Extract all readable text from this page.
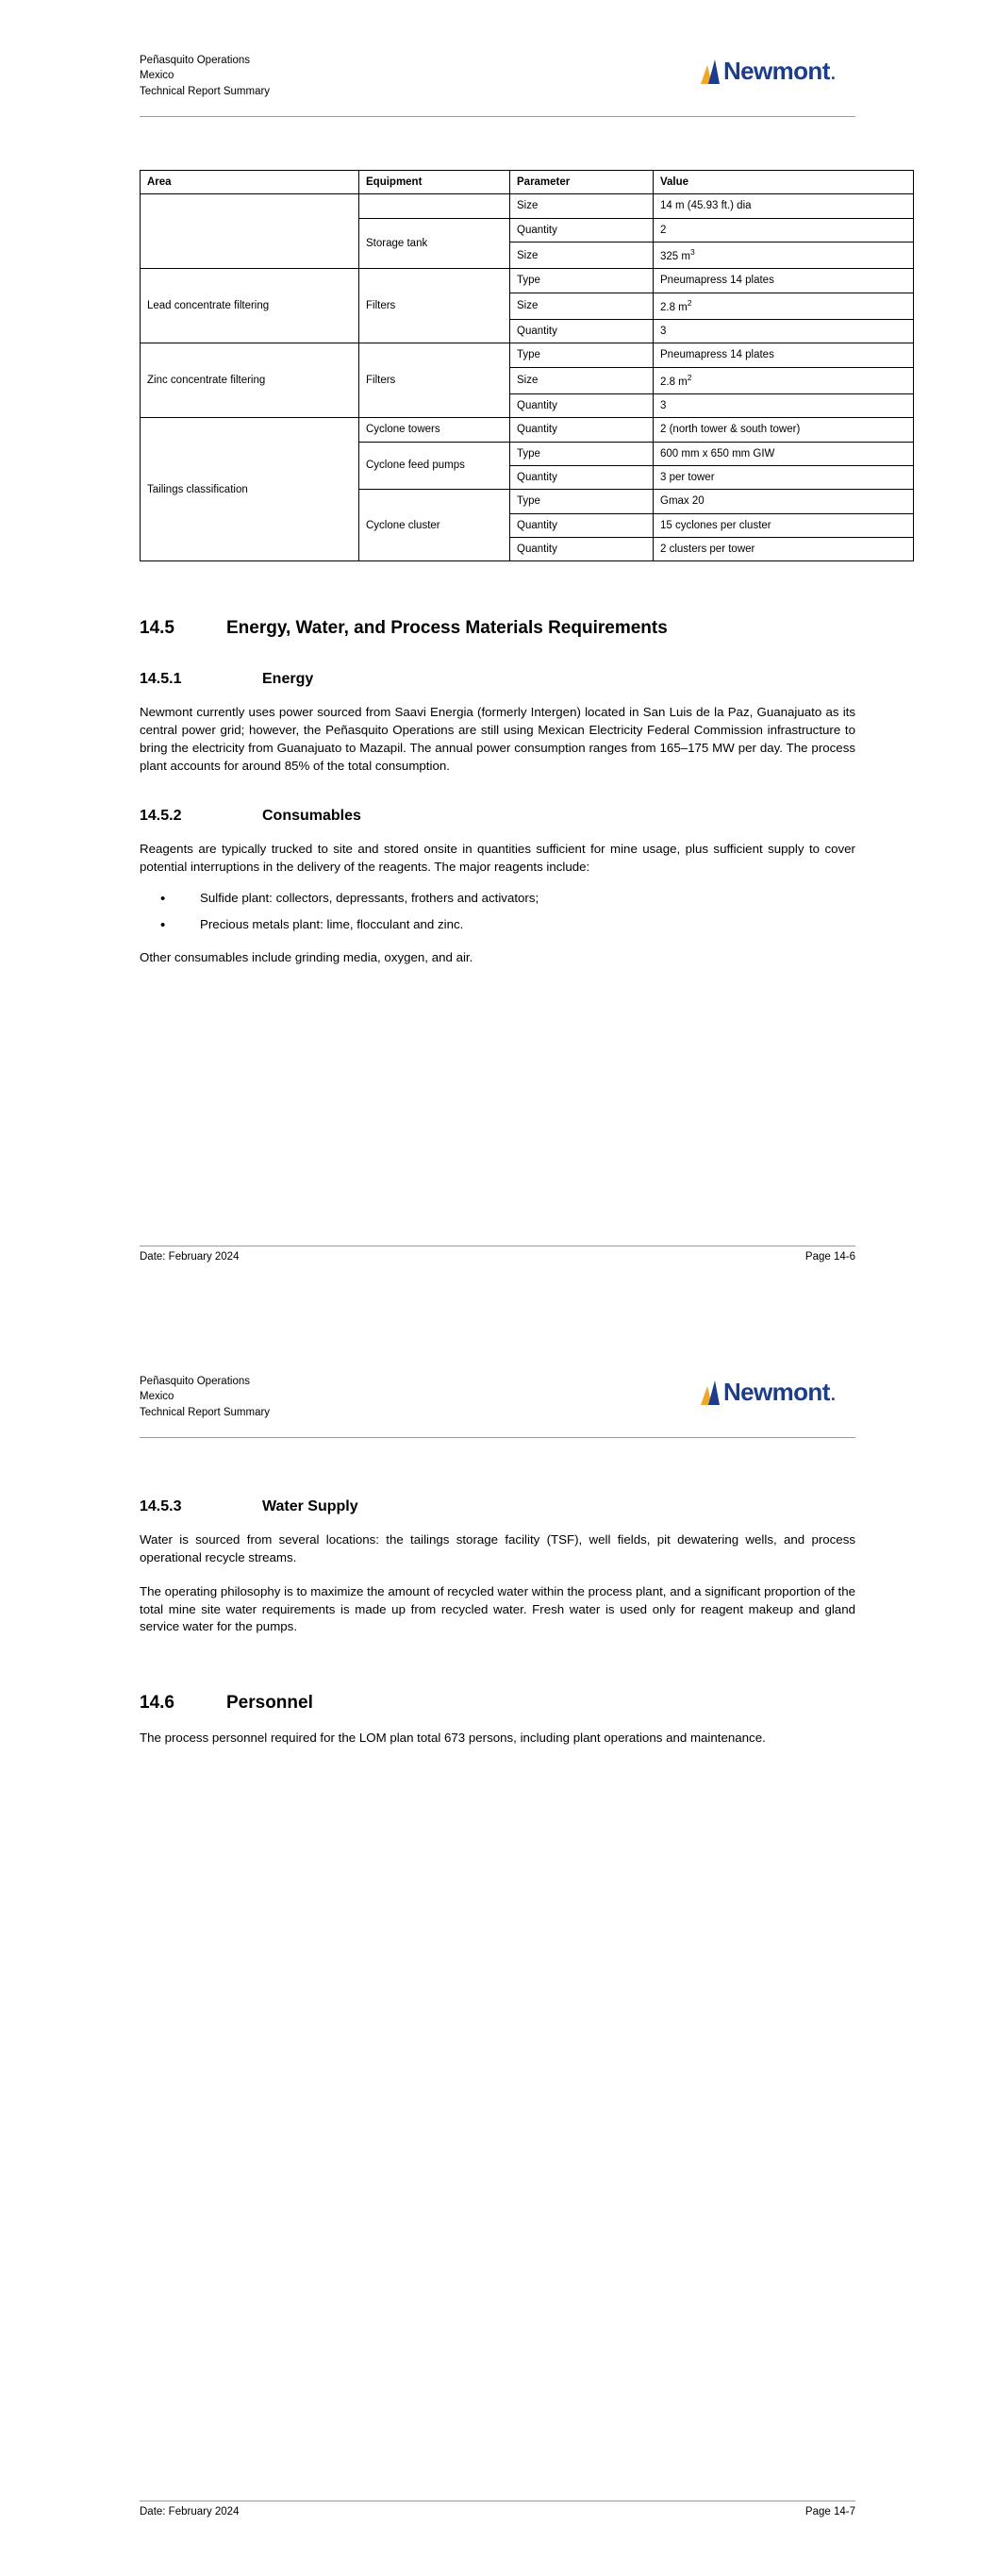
Peñasquito Operations
Mexico
Technical Report Summary
Newmont .
Area	Equipment	Parameter	Value
		Size	14 m (45.93 ft.) dia
	Storage tank	Quantity	2
		Size	325 $m^3$
Lead concentrate filtering	Filters	Type	Pneumapress 14 plates
		Size	2.8 $m^2$
		Quantity	3
Zinc concentrate filtering	Filters	Type	Pneumapress 14 plates
		Size	2.8 $m^2$
		Quantity	3
Tailings classification	Cyclone towers	Quantity	2 (north tower & south tower)
	Cyclone feed pumps	Type	600 mm x 650 mm GIW
		Quantity	3 per tower
	Cyclone cluster	Type	Gmax 20
		Quantity	15 cyclones per cluster
		Quantity	2 clusters per tower
14.5	Energy, Water, and Process Materials Requirements
14.5.1	Energy

Newmont currently uses power sourced from Saavi Energia (formerly Intergen) located in San Luis de la Paz, Guanajuato as its central power grid; however, the Peñasquito Operations are still using Mexican Electricity Federal Commission infrastructure to bring the electricity from Guanajuato to Mazapil. The annual power consumption ranges from 165–175 MW per day. The process plant accounts for around 85% of the total consumption.

14.5.2	Consumables

Reagents are typically trucked to site and stored onsite in quantities sufficient for mine usage, plus sufficient supply to cover potential interruptions in the delivery of the reagents. The major reagents include:

•	Sulfide plant: collectors, depressants, frothers and activators;
•	Precious metals plant: lime, flocculant and zinc.

Other consumables include grinding media, oxygen, and air.

Date: February 2024	Page 14-6
Peñasquito Operations
Mexico
Technical Report Summary
Newmont .
14.5.3	Water Supply

Water is sourced from several locations: the tailings storage facility (TSF), well fields, pit dewatering wells, and process operational recycle streams.

The operating philosophy is to maximize the amount of recycled water within the process plant, and a significant proportion of the total mine site water requirements is made up from recycled water. Fresh water is used only for reagent makeup and gland service water for the pumps.

14.6	Personnel

The process personnel required for the LOM plan total 673 persons, including plant operations and maintenance.

Date: February 2024	Page 14-7
